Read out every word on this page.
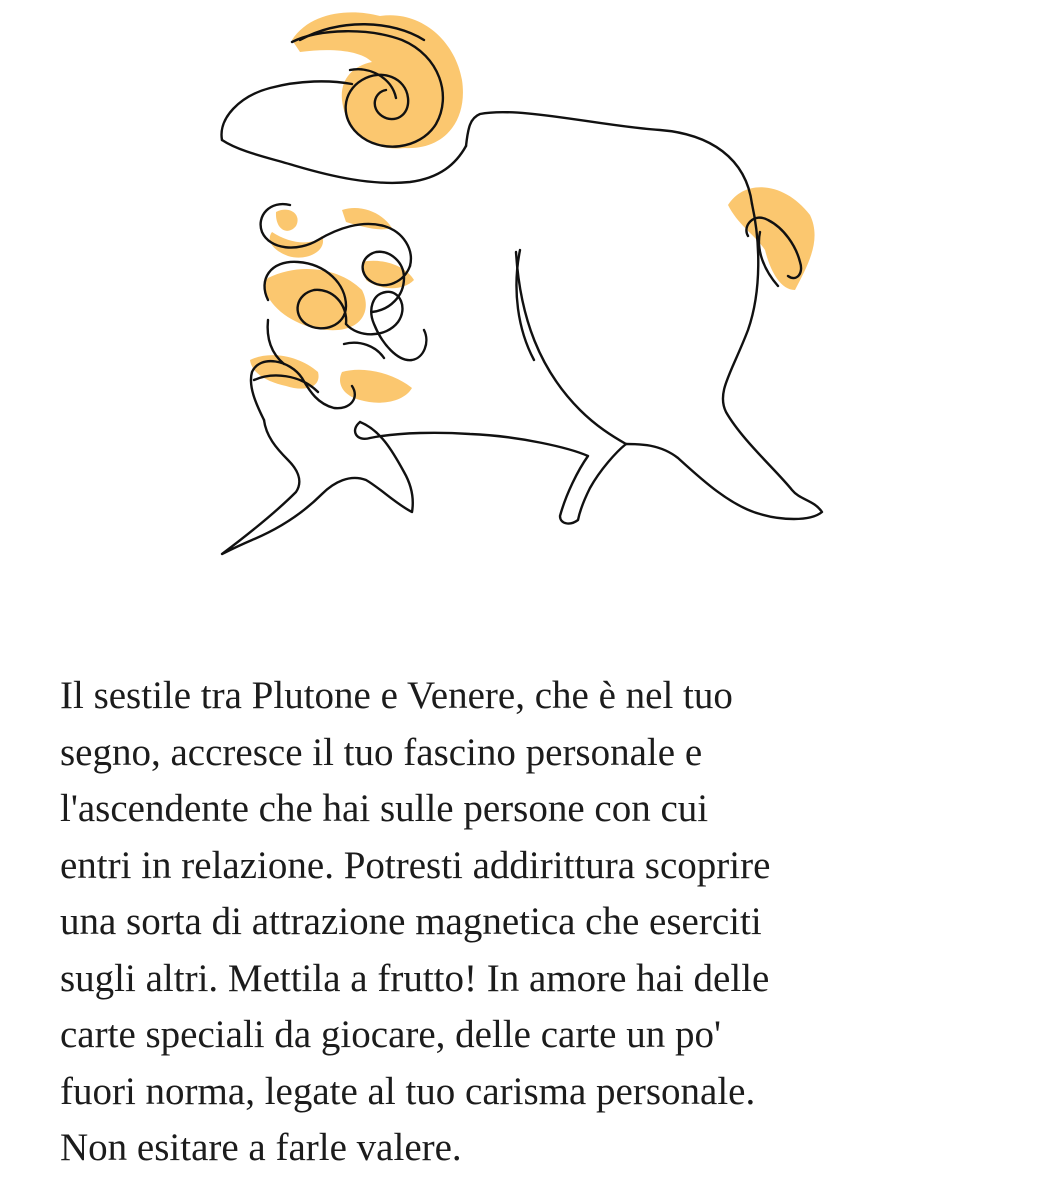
Il sestile tra Plutone e Venere, che è nel tuo
segno, accresce il tuo fascino personale e
l'ascendente che hai sulle persone con cui
entri in relazione. Potresti addirittura scoprire
una sorta di attrazione magnetica che eserciti
sugli altri. Mettila a frutto! In amore hai delle
carte speciali da giocare, delle carte un po'
fuori norma, legate al tuo carisma personale.
Non esitare a farle valere.
